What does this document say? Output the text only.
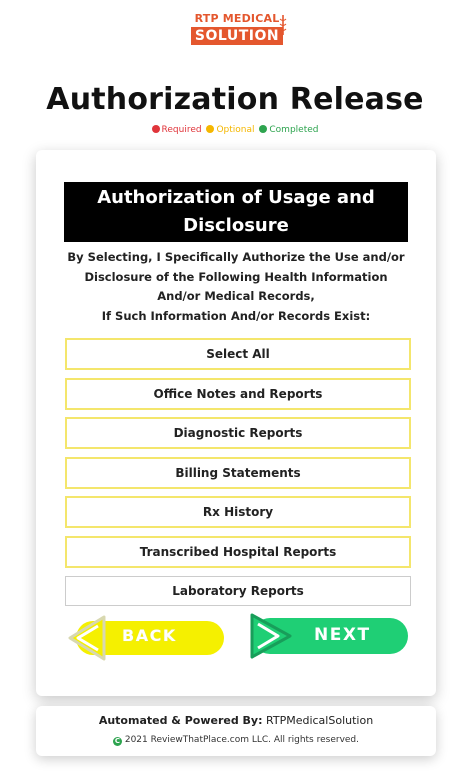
RTP MEDICAL
SOLUTION
Authorization Release
Required Optional Completed
Authorization of Usage and
Disclosure
By Selecting, I Specifically Authorize the Use and/or
Disclosure of the Following Health Information
And/or Medical Records,
If Such Information And/or Records Exist:
Select All
Office Notes and Reports
Diagnostic Reports
Billing Statements
Rx History
Transcribed Hospital Reports
Laboratory Reports
BACK	NEXT
Automated & Powered By: RTPMedicalSolution
C 2021 ReviewThatPlace.com LLC. All rights reserved.
